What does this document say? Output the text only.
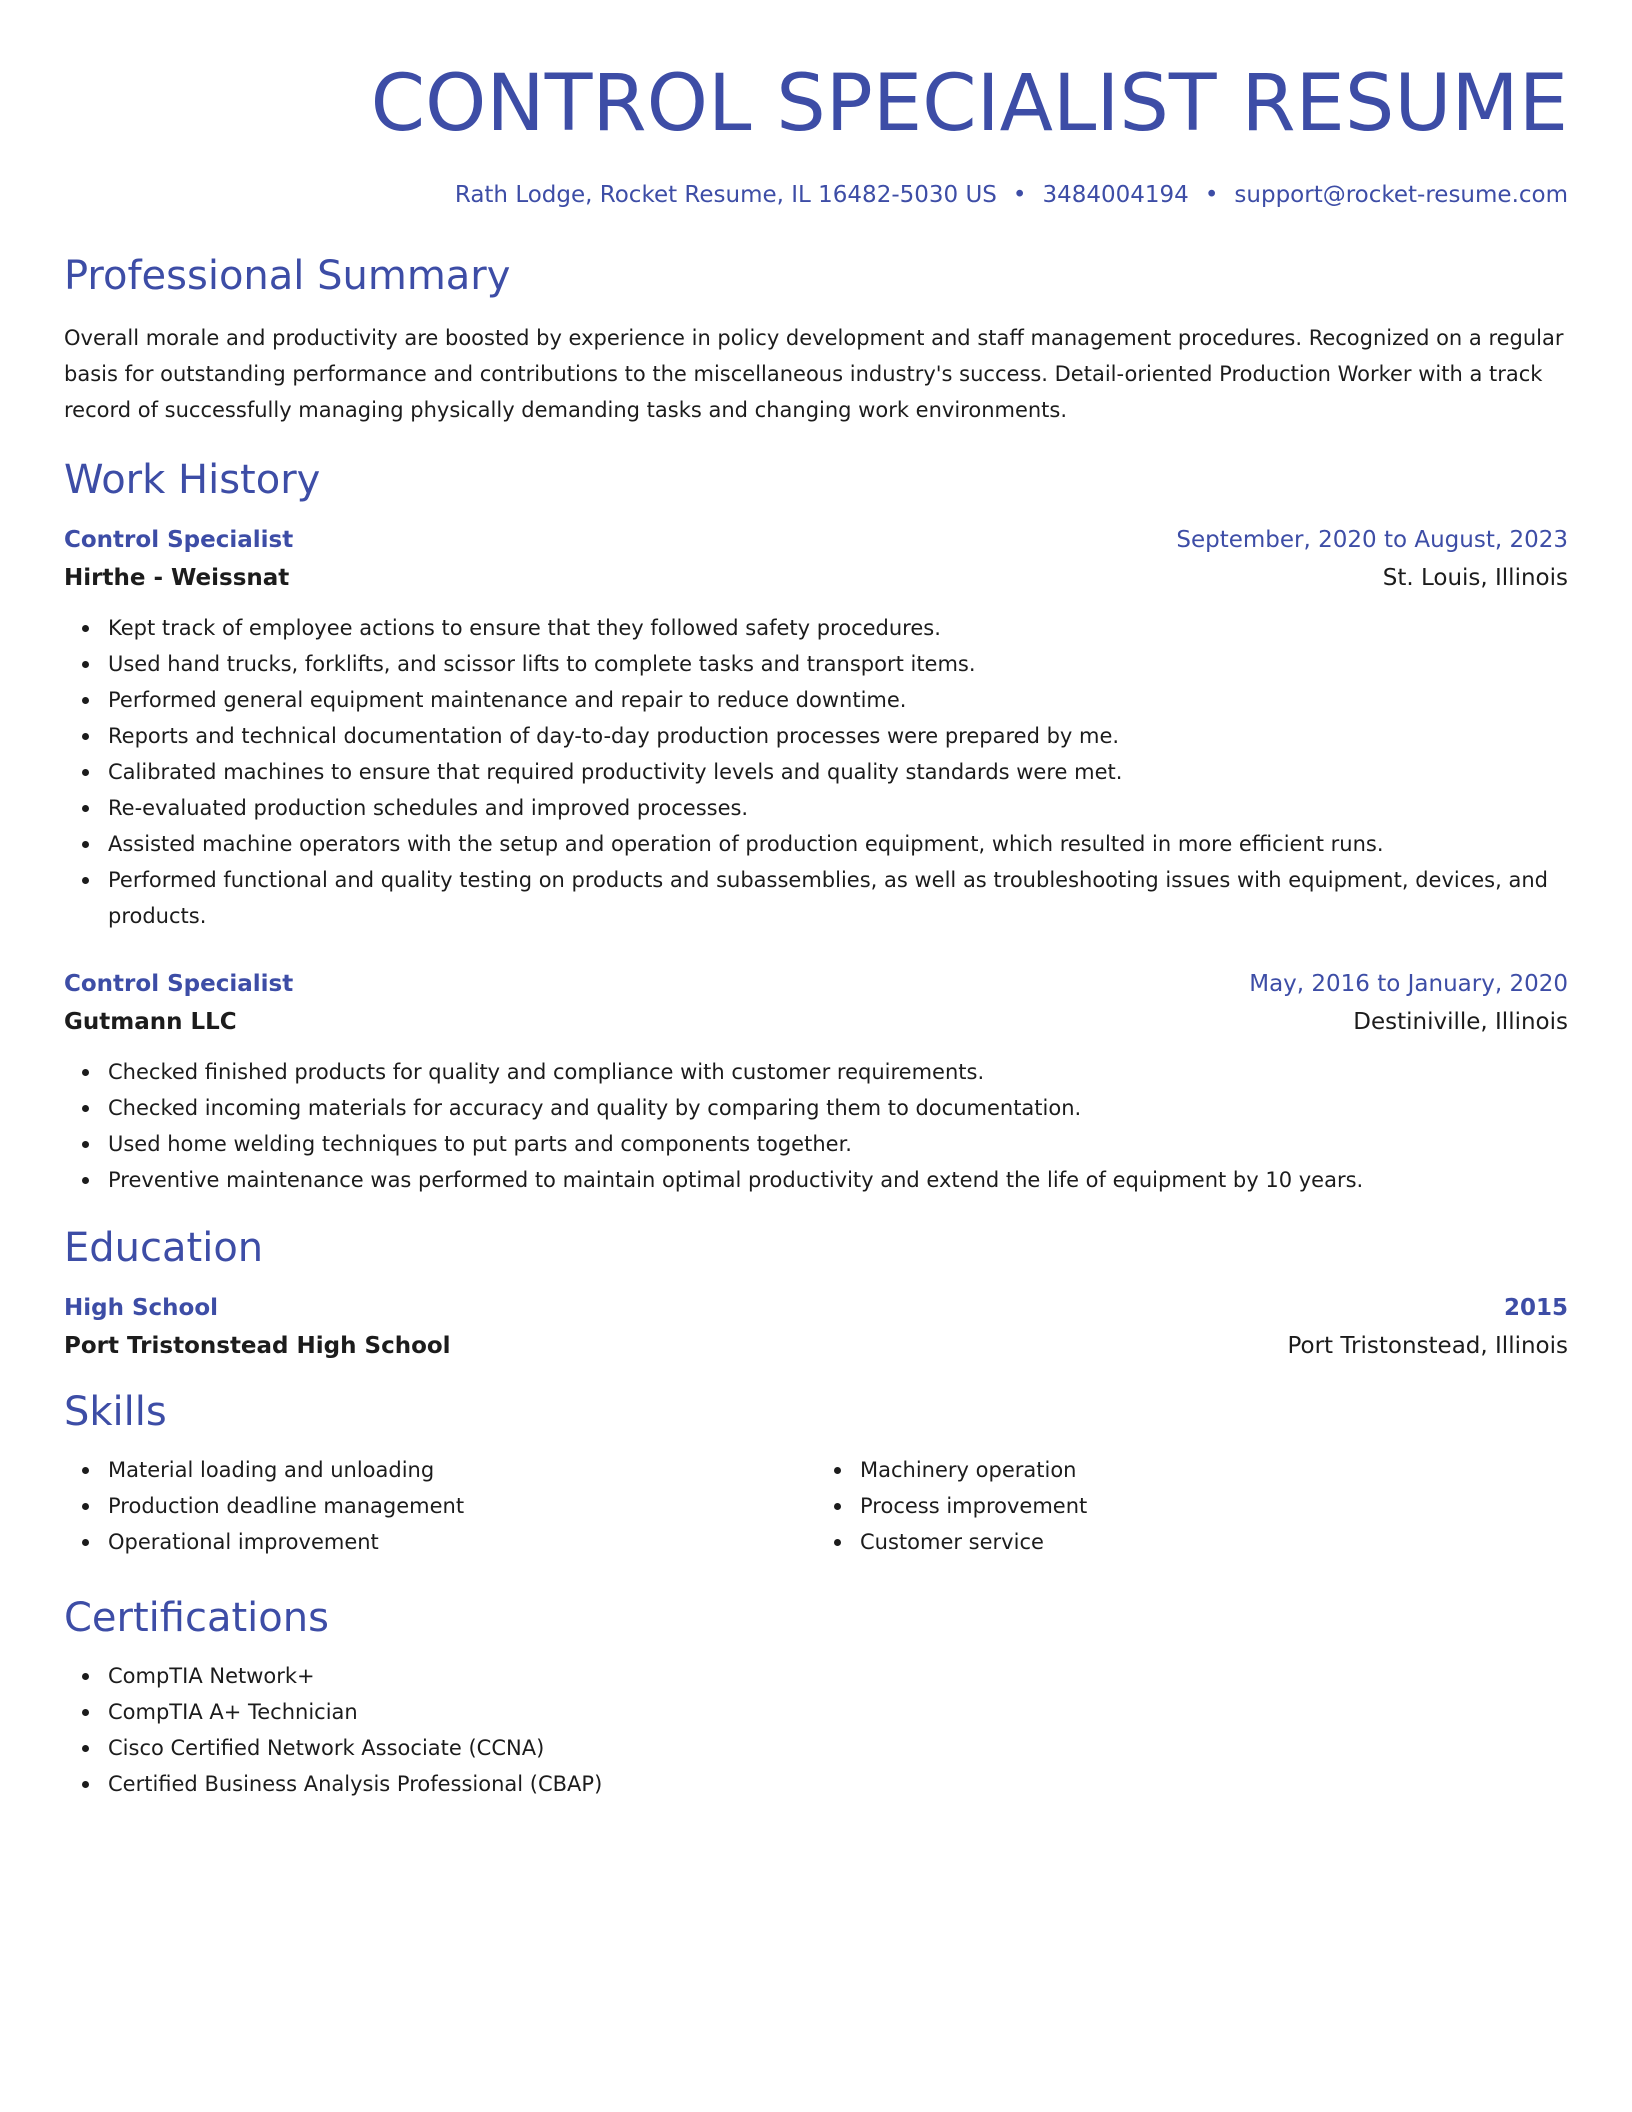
CONTROL SPECIALIST RESUME
Rath Lodge, Rocket Resume, IL 16482-5030 US • 3484004194 • support@rocket-resume.com
Professional Summary

Overall morale and productivity are boosted by experience in policy development and staff management procedures. Recognized on a regular basis for outstanding performance and contributions to the miscellaneous industry's success. Detail-oriented Production Worker with a track record of successfully managing physically demanding tasks and changing work environments.

Work History
Control Specialist	September, 2020 to August, 2023
Hirthe - Weissnat	St. Louis, Illinois
Kept track of employee actions to ensure that they followed safety procedures.
Used hand trucks, forklifts, and scissor lifts to complete tasks and transport items.
Performed general equipment maintenance and repair to reduce downtime.
Reports and technical documentation of day-to-day production processes were prepared by me.
Calibrated machines to ensure that required productivity levels and quality standards were met.
Re-evaluated production schedules and improved processes.
Assisted machine operators with the setup and operation of production equipment, which resulted in more efficient runs.
Performed functional and quality testing on products and subassemblies, as well as troubleshooting issues with equipment, devices, and products.
Control Specialist	May, 2016 to January, 2020
Gutmann LLC	Destiniville, Illinois
Checked finished products for quality and compliance with customer requirements.
Checked incoming materials for accuracy and quality by comparing them to documentation.
Used home welding techniques to put parts and components together.
Preventive maintenance was performed to maintain optimal productivity and extend the life of equipment by 10 years.
Education
High School	2015
Port Tristonstead High School	Port Tristonstead, Illinois
Skills
Material loading and unloading
Production deadline management
Operational improvement
Machinery operation
Process improvement
Customer service
Certifications
CompTIA Network+
CompTIA A+ Technician
Cisco Certified Network Associate (CCNA)
Certified Business Analysis Professional (CBAP)
